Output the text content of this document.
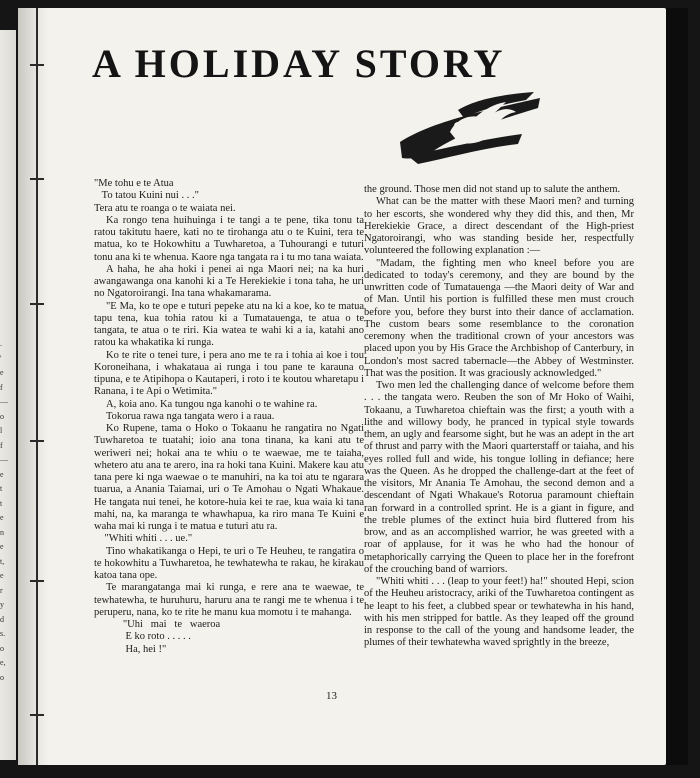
.
'
e
f
—
o
l
f
—
e
t
t
e
n
e
t,
e
r
y
d
s.
o
e,
o
A HOLIDAY STORY

"Me tohu e te Atua
To tatou Kuini nui . . ."

Tera atu te roanga o te waiata nei.

Ka rongo tena huihuinga i te tangi a te pene, tika tonu ta ratou takitutu haere, kati no te tirohanga atu o te Kuini, tera te matua, ko te Hokowhitu a Tuwharetoa, a Tuhourangi e tuturi tonu ana ki te whenua. Kaore nga tangata ra i tu mo tana waiata.

A haha, he aha hoki i penei ai nga Maori nei; na ka huri awangawanga ona kanohi ki a Te Herekiekie i tona taha, he uri no Ngatoroirangi. Ina tana whakamarama.

"E Ma, ko te ope e tuturi pepeke atu na ki a koe, ko te matua tapu tena, kua tohia ratou ki a Tumatauenga, te atua o te tangata, te atua o te riri. Kia watea te wahi ki a ia, katahi ano ratou ka whakatika ki runga.

Ko te rite o tenei ture, i pera ano me te ra i tohia ai koe i tou Koroneihana, i whakataua ai runga i tou pane te karauna o tipuna, e te Atipihopa o Kautaperi, i roto i te koutou wharetapu i Ranana, i te Api o Wetimita."

A, koia ano. Ka tungou nga kanohi o te wahine ra.

Tokorua rawa nga tangata wero i a raua.

Ko Rupene, tama o Hoko o Tokaanu he rangatira no Ngati Tuwharetoa te tuatahi; ioio ana tona tinana, ka kani atu te weriweri nei; hokai ana te whiu o te waewae, me te taiaha, whetero atu ana te arero, ina ra hoki tana Kuini. Makere kau atu tana pere ki nga waewae o te manuhiri, na ka toi atu te ngarara tuarua, a Anania Taiamai, uri o Te Amohau o Ngati Whakaue. He tangata nui tenei, he kotore-huia kei te rae, kua waia ki tana mahi, na, ka maranga te whawhapua, ka riro mana Te Kuini e waha mai ki runga i te matua e tuturi atu ra.

"Whiti whiti . . . ue."

Tino whakatikanga o Hepi, te uri o Te Heuheu, te rangatira o te hokowhitu a Tuwharetoa, he tewhatewha te rakau, he kirakau katoa tana ope.

Te marangatanga mai ki runga, e rere ana te waewae, te tewhatewha, te huruhuru, haruru ana te rangi me te whenua i te peruperu, nana, ko te rite he manu kua momotu i te mahanga.

"Uhi   mai   te   waeroa
E ko roto . . . . .
Ha, hei !"

the ground. Those men did not stand up to salute the anthem.

What can be the matter with these Maori men? and turning to her escorts, she wondered why they did this, and then, Mr Herekiekie Grace, a direct descendant of the High-priest Ngatoroirangi, who was standing beside her, respectfully volunteered the following explanation :—

"Madam, the fighting men who kneel before you are dedicated to today's ceremony, and they are bound by the unwritten code of Tumatauenga —the Maori deity of War and of Man. Until his portion is fulfilled these men must crouch before you, before they burst into their dance of acclamation. The custom bears some resemblance to the coronation ceremony when the traditional crown of your ancestors was placed upon you by His Grace the Archbishop of Canterbury, in London's most sacred tabernacle—the Abbey of Westminster. That was the position. It was graciously acknowledged."

Two men led the challenging dance of welcome before them . . . the tangata wero. Reuben the son of Mr Hoko of Waihi, Tokaanu, a Tuwharetoa chieftain was the first; a youth with a lithe and willowy body, he pranced in typical style towards them, an ugly and fearsome sight, but he was an adept in the art of thrust and parry with the Maori quarterstaff or taiaha, and his eyes rolled full and wide, his tongue lolling in defiance; here was the Queen. As he dropped the challenge-dart at the feet of the visitors, Mr Anania Te Amohau, the second demon and a descendant of Ngati Whakaue's Rotorua paramount chieftain ran forward in a controlled sprint. He is a giant in figure, and the treble plumes of the extinct huia bird fluttered from his brow, and as an accomplished warrior, he was greeted with a roar of applause, for it was he who had the honour of metaphorically carrying the Queen to place her in the forefront of the crouching band of warriors.

"Whiti whiti . . . (leap to your feet!) ha!" shouted Hepi, scion of the Heuheu aristocracy, ariki of the Tuwharetoa contingent as he leapt to his feet, a clubbed spear or tewhatewha in his hand, with his men stripped for battle. As they leaped off the ground in response to the call of the young and handsome leader, the plumes of their tewhatewha waved sprightly in the breeze,

13
